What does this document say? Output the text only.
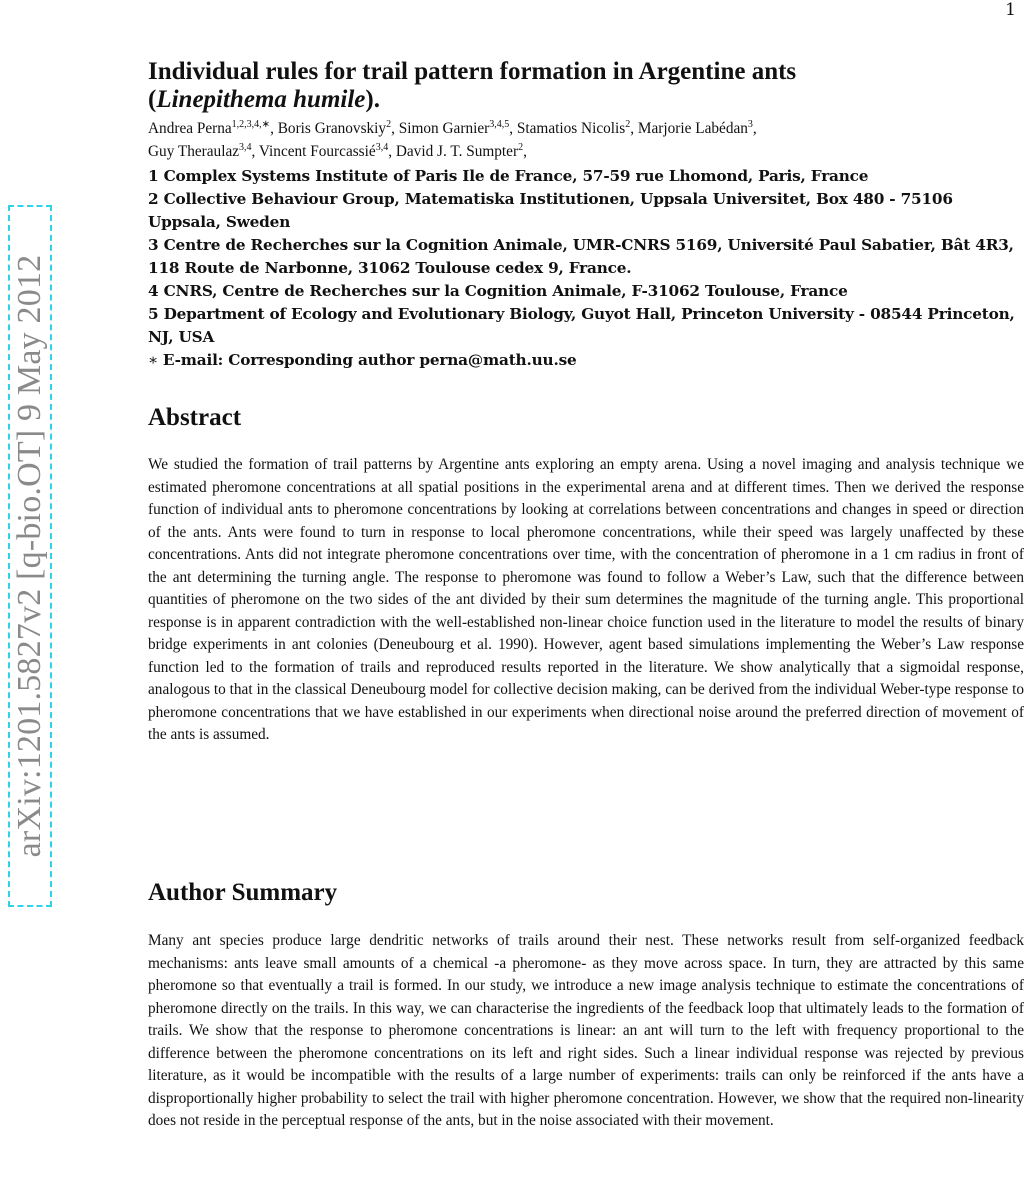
1
arXiv:1201.5827v2 [q-bio.OT] 9 May 2012
Individual rules for trail pattern formation in Argentine ants
(Linepithema humile).
Andrea Perna$^{1,2,3,4,∗}$, Boris Granovskiy$^2$, Simon Garnier$^{3,4,5}$, Stamatios Nicolis$^2$, Marjorie Labédan$^3$,
Guy Theraulaz$^{3,4}$, Vincent Fourcassié$^{3,4}$, David J. T. Sumpter$^2$,
1 Complex Systems Institute of Paris Ile de France, 57-59 rue Lhomond, Paris, France
2 Collective Behaviour Group, Matematiska Institutionen, Uppsala Universitet, Box 480 - 75106 Uppsala, Sweden
3 Centre de Recherches sur la Cognition Animale, UMR-CNRS 5169, Université Paul Sabatier, Bât 4R3, 118 Route de Narbonne, 31062 Toulouse cedex 9, France.
4 CNRS, Centre de Recherches sur la Cognition Animale, F-31062 Toulouse, France
5 Department of Ecology and Evolutionary Biology, Guyot Hall, Princeton University - 08544 Princeton, NJ, USA
∗ E-mail: Corresponding author perna@math.uu.se
Abstract

We studied the formation of trail patterns by Argentine ants exploring an empty arena. Using a novel imaging and analysis technique we estimated pheromone concentrations at all spatial positions in the experimental arena and at different times. Then we derived the response function of individual ants to pheromone concentrations by looking at correlations between concentrations and changes in speed or direction of the ants. Ants were found to turn in response to local pheromone concentrations, while their speed was largely unaffected by these concentrations. Ants did not integrate pheromone concentrations over time, with the concentration of pheromone in a 1 cm radius in front of the ant determining the turning angle. The response to pheromone was found to follow a Weber’s Law, such that the difference between quantities of pheromone on the two sides of the ant divided by their sum determines the magnitude of the turning angle. This proportional response is in apparent contradiction with the well-established non-linear choice function used in the literature to model the results of binary bridge experiments in ant colonies (Deneubourg et al. 1990). However, agent based simulations implementing the Weber’s Law response function led to the formation of trails and reproduced results reported in the literature. We show analytically that a sigmoidal response, analogous to that in the classical Deneubourg model for collective decision making, can be derived from the individual Weber-type response to pheromone concentrations that we have established in our experiments when directional noise around the preferred direction of movement of the ants is assumed.

Author Summary

Many ant species produce large dendritic networks of trails around their nest. These networks result from self-organized feedback mechanisms: ants leave small amounts of a chemical -a pheromone- as they move across space. In turn, they are attracted by this same pheromone so that eventually a trail is formed. In our study, we introduce a new image analysis technique to estimate the concentrations of pheromone directly on the trails. In this way, we can characterise the ingredients of the feedback loop that ultimately leads to the formation of trails. We show that the response to pheromone concentrations is linear: an ant will turn to the left with frequency proportional to the difference between the pheromone concentrations on its left and right sides. Such a linear individual response was rejected by previous literature, as it would be incompatible with the results of a large number of experiments: trails can only be reinforced if the ants have a disproportionally higher probability to select the trail with higher pheromone concentration. However, we show that the required non-linearity does not reside in the perceptual response of the ants, but in the noise associated with their movement.
